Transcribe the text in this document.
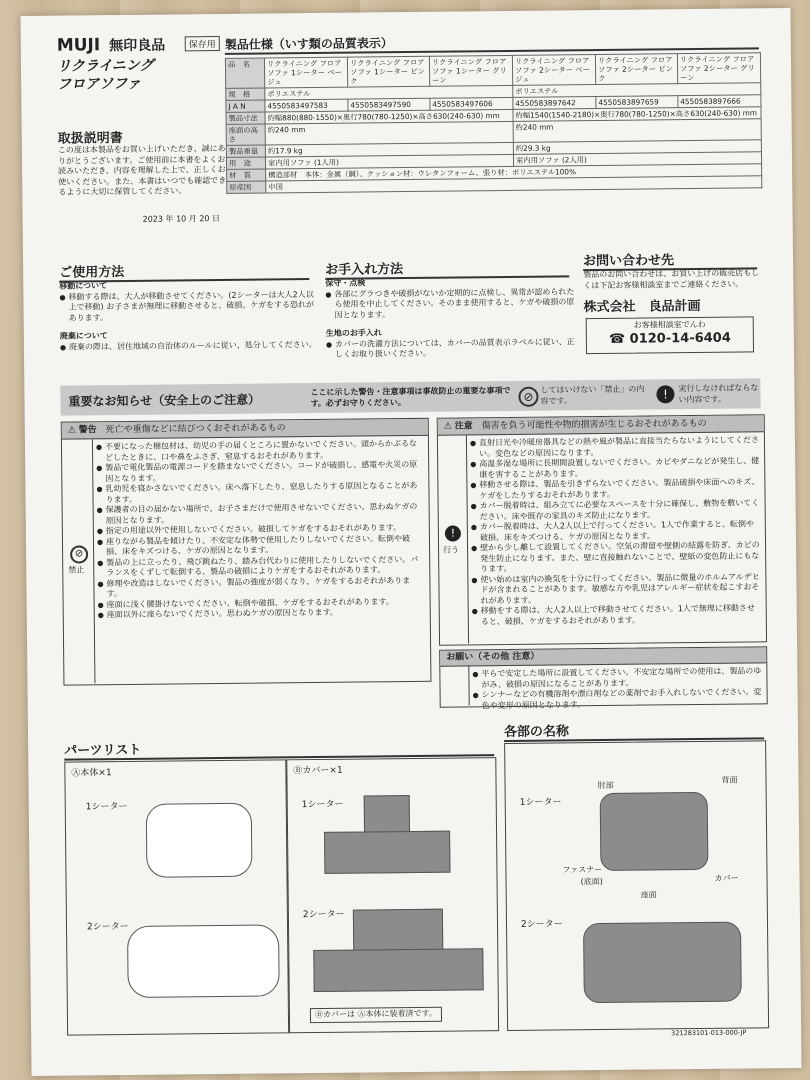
MUJI 無印良品	保存用
リクライニング
フロアソファ
取扱説明書
この度は本製品をお買い上げいただき、誠にありがとうございます。ご使用前に本書をよくお読みいただき、内容を理解した上で、正しくお使いください。また、本書はいつでも確認できるように大切に保管してください。
2023 年 10 月 20 日
製品仕様（いす類の品質表示）
品　名	リクライニング フロアソファ 1シーター ベージュ	リクライニング フロアソファ 1シーター ピンク	リクライニング フロアソファ 1シーター グリーン	リクライニング フロアソファ 2シーター ベージュ	リクライニング フロアソファ 2シーター ピンク	リクライニング フロアソファ 2シーター グリーン
規　格	ポリエステル			ポリエステル		
J A N	4550583497583	4550583497590	4550583497606	4550583897642	4550583897659	4550583897666
製品寸法	約幅880(880-1550)×奥行780(780-1250)×高さ630(240-630) mm			約幅1540(1540-2180)×奥行780(780-1250)×高さ630(240-630) mm		
座面の高さ	約240 mm			約240 mm		
製品重量	約17.9 kg			約29.3 kg		
用　途	室内用ソファ (1人用)			室内用ソファ (2人用)		
材　質	構造部材　本体：金属（鋼）、クッション材：ウレタンフォーム、張り材：ポリエステル100%					
原産国	中国					
ご使用方法
移動について
● 移動する際は、大人が移動させてください。(2シーターは大人2人以上で移動) お子さまが無理に移動させると、破損、ケガをする恐れがあります。
廃棄について
● 廃棄の際は、居住地域の自治体のルールに従い、処分してください。
お手入れ方法
保守・点検
● 各部にグラつきや破損がないか定期的に点検し、異常が認められたら使用を中止してください。そのまま使用すると、ケガや破損の原因となります。
生地のお手入れ
● カバーの洗濯方法については、カバーの品質表示ラベルに従い、正しくお取り扱いください。
お問い合わせ先
製品のお問い合わせは、お買い上げの販売店もしくは下記お客様相談室までご連絡ください。
株式会社　良品計画
お客様相談室でんわ
☎ 0120-14-6404
重要なお知らせ（安全上のご注意）
ここに示した警告・注意事項は事故防止の重要な事項です。必ずお守りください。	⊘
してはいけない「禁止」の内容です。	!	実行しなければならない内容です。
⚠ 警告 死亡や重傷などに結びつくおそれがあるもの
⊘
禁止
● 不要になった梱包材は、幼児の手の届くところに置かないでください。頭からかぶるなどしたときに、口や鼻をふさぎ、窒息するおそれがあります。
● 製品で電化製品の電源コードを踏まないでください。コードが破損し、感電や火災の原因となります。
● 乳幼児を寝かさないでください。床へ落下したり、窒息したりする原因となることがあります。
● 保護者の目の届かない場所で、お子さまだけで使用させないでください。思わぬケガの原因となります。
● 指定の用途以外で使用しないでください。破損してケガをするおそれがあります。
● 座りながら製品を傾けたり、不安定な体勢で使用したりしないでください。転倒や破損、床をキズつける、ケガの原因となります。
● 製品の上に立ったり、飛び跳ねたり、踏み台代わりに使用したりしないでください。バランスをくずして転倒する、製品の破損によりケガをするおそれがあります。
● 修理や改造はしないでください。製品の強度が弱くなり、ケガをするおそれがあります。
● 座面に浅く腰掛けないでください。転倒や破損、ケガをするおそれがあります。
● 座面以外に座らないでください。思わぬケガの原因となります。
⚠ 注意 傷害を負う可能性や物的損害が生じるおそれがあるもの
!
行う
● 直射日光や冷暖房器具などの熱や風が製品に直接当たらないようにしてください。変色などの原因になります。
● 高温多湿な場所に長期間設置しないでください。カビやダニなどが発生し、健康を害することがあります。
● 移動させる際は、製品を引きずらないでください。製品破損や床面へのキズ、ケガをしたりするおそれがあります。
● カバー脱着時は、組み立てに必要なスペースを十分に確保し、敷物を敷いてください。床や既存の家具のキズ防止になります。
● カバー脱着時は、大人2人以上で行ってください。1人で作業すると、転倒や破損、床をキズつける、ケガの原因となります。
● 壁から少し離して設置してください。空気の滞留や壁側の結露を防ぎ、カビの発生防止になります。また、壁に直接触れないことで、壁紙の変色防止にもなります。
● 使い始めは室内の換気を十分に行ってください。製品に微量のホルムアルデヒドが含まれることがあります。敏感な方や乳児はアレルギー症状を起こすおそれがあります。
● 移動をする際は、大人2人以上で移動させてください。1人で無理に移動させると、破損、ケガをするおそれがあります。
お願い（その他 注意）
● 平らで安定した場所に設置してください。不安定な場所での使用は、製品のゆがみ、破損の原因になることがあります。
● シンナーなどの有機溶剤や漂白剤などの薬剤でお手入れしないでください。変色や変形の原因となります。
パーツリスト
Ⓐ本体×1
1シーター
2シーター
Ⓑカバー×1
1シーター
2シーター
Ⓑカバーは Ⓐ本体に装着済です。
各部の名称
1シーター
肘部
背面
ファスナー
(底面)
座面
カバー
2シーター
321283101-013-000-JP
